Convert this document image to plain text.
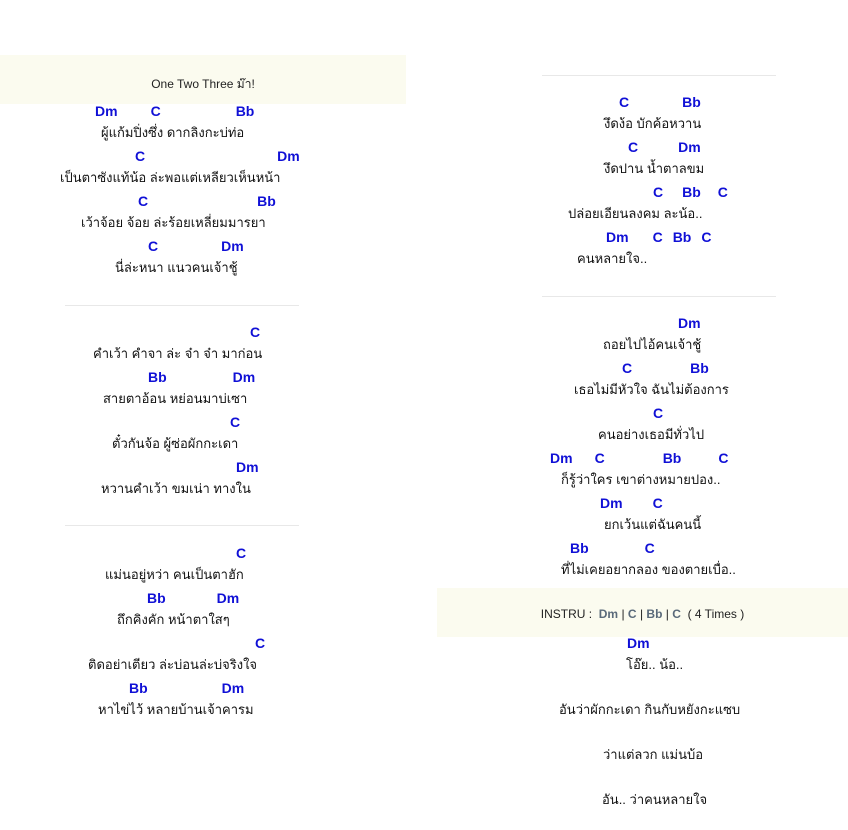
One Two Three ม๊า!
Dm C	Bb
ผู้แก้มปิ่งซึ่ง ดากลิงกะบ่ท่อ
C	Dm
เป็นตาซังแท้น้อ ล่ะพอแต่เหลียวเห็นหน้า
C	Bb
เว้าจ้อย จ้อย ล่ะร้อยเหลี่ยมมารยา
C	Dm
นี่ล่ะหนา แนวคนเจ้าชู้
C
คำเว้า คำจา ล่ะ จ๋า จ๋า มาก่อน
Bb	Dm
สายตาอ้อน หย่อนมาบ่เซา
C
ตั๋วกันจ้อ ผู้ซ่อผักกะเดา
Dm
หวานคำเว้า ขมเน่า ทางใน
C
แม่นอยู่หว่า คนเป็นตาฮัก
Bb	Dm
ถึกคิงคัก หน้าตาใสๆ
C
ติดอย่าเตียว ล่ะบ่อนล่ะบ่จริงใจ
Bb	Dm
หาไข่ไว้ หลายบ้านเจ้าคารม
C	Bb
งึดง้อ บักค้อหวาน
C	Dm
งึดปาน น้ำตาลขม
C Bb C
ปล่อยเอียนลงคม ละน้อ..
Dm C Bb C
คนหลายใจ..
Dm
ถอยไปไอ้คนเจ้าชู้
C	Bb
เธอไม่มีหัวใจ ฉันไม่ต้องการ
C
คนอย่างเธอมีทั่วไป
Dm C	Bb	C
ก็รู้ว่าใคร เขาต่างหมายปอง..
Dm C
ยกเว้นแต่ฉันคนนี้
Bb	C
ที่ไม่เคยอยากลอง ของตายเบื่อ..
INSTRU : Dm | C | Bb | C ( 4 Times )
Dm
โอ๊ย.. น้อ..
อันว่าผักกะเดา กินกับหยังกะแซบ
ว่าแต่ลวก แม่นบ้อ
อัน.. ว่าคนหลายใจ
